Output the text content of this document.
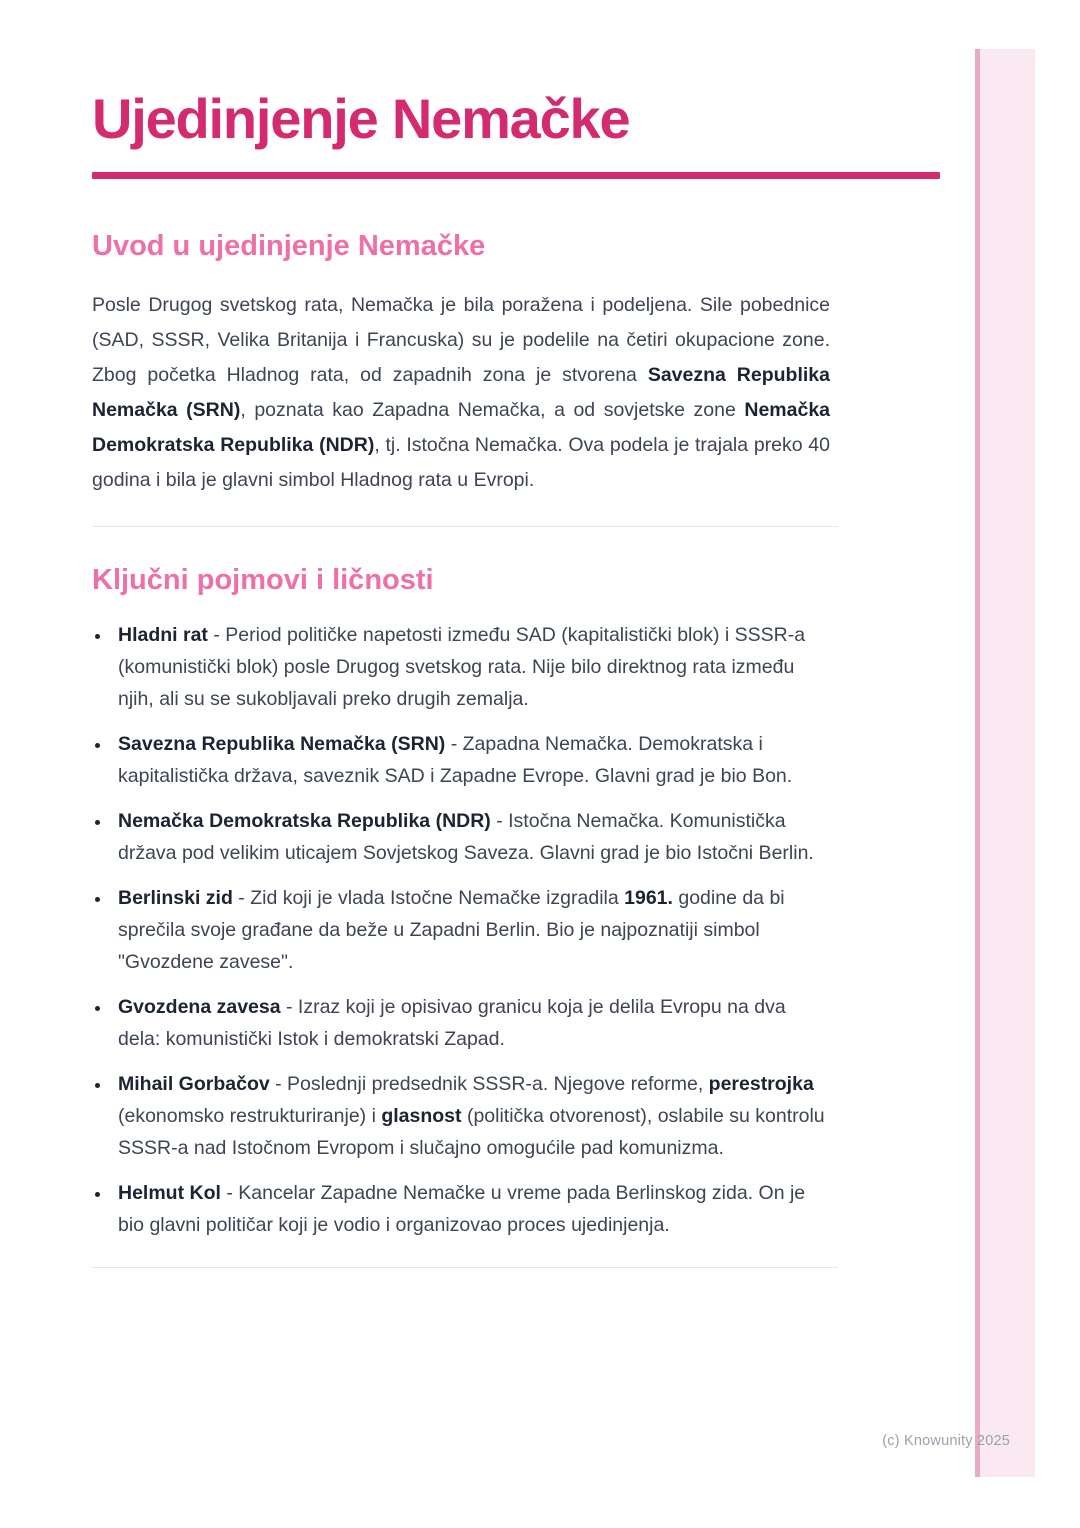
Ujedinjenje Nemačke
Uvod u ujedinjenje Nemačke

Posle Drugog svetskog rata, Nemačka je bila poražena i podeljena. Sile pobednice (SAD, SSSR, Velika Britanija i Francuska) su je podelile na četiri okupacione zone. Zbog početka Hladnog rata, od zapadnih zona je stvorena Savezna Republika Nemačka (SRN), poznata kao Zapadna Nemačka, a od sovjetske zone Nemačka Demokratska Republika (NDR), tj. Istočna Nemačka. Ova podela je trajala preko 40 godina i bila je glavni simbol Hladnog rata u Evropi.

Ključni pojmovi i ličnosti
• Hladni rat - Period političke napetosti između SAD (kapitalistički blok) i SSSR-a (komunistički blok) posle Drugog svetskog rata. Nije bilo direktnog rata između njih, ali su se sukobljavali preko drugih zemalja.
• Savezna Republika Nemačka (SRN) - Zapadna Nemačka. Demokratska i kapitalistička država, saveznik SAD i Zapadne Evrope. Glavni grad je bio Bon.
• Nemačka Demokratska Republika (NDR) - Istočna Nemačka. Komunistička država pod velikim uticajem Sovjetskog Saveza. Glavni grad je bio Istočni Berlin.
• Berlinski zid - Zid koji je vlada Istočne Nemačke izgradila 1961. godine da bi sprečila svoje građane da beže u Zapadni Berlin. Bio je najpoznatiji simbol "Gvozdene zavese".
• Gvozdena zavesa - Izraz koji je opisivao granicu koja je delila Evropu na dva dela: komunistički Istok i demokratski Zapad.
• Mihail Gorbačov - Poslednji predsednik SSSR-a. Njegove reforme, perestrojka (ekonomsko restrukturiranje) i glasnost (politička otvorenost), oslabile su kontrolu SSSR-a nad Istočnom Evropom i slučajno omogućile pad komunizma.
• Helmut Kol - Kancelar Zapadne Nemačke u vreme pada Berlinskog zida. On je bio glavni političar koji je vodio i organizovao proces ujedinjenja.
(c) Knowunity 2025
